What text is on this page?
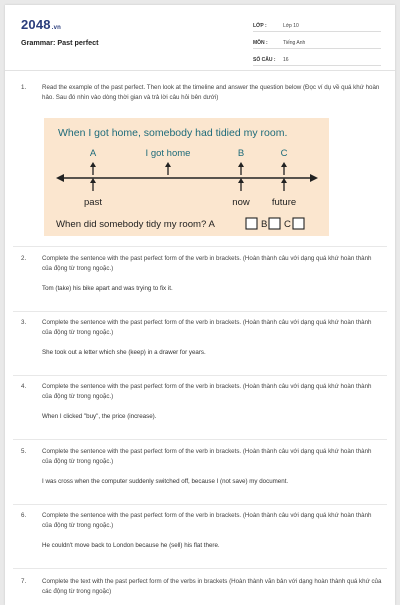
2048.vn
Grammar: Past perfect
LỚP :	Lớp 10
MÔN :	Tiếng Anh
SỐ CÂU :	16
1.	Read the example of the past perfect. Then look at the timeline and answer the question below (Đọc ví dụ về quá khứ hoàn hảo. Sau đó nhìn vào dòng thời gian và trả lời câu hỏi bên dưới)
When I got home, somebody had tidied my room.
A	I got home	B	C
past	now future
When did somebody tidy my room? A	B C
2.	Complete the sentence with the past perfect form of the verb in brackets. (Hoàn thành câu với dạng quá khứ hoàn thành của động từ trong ngoặc.)
Tom (take) his bike apart and was trying to fix it.
3.	Complete the sentence with the past perfect form of the verb in brackets. (Hoàn thành câu với dạng quá khứ hoàn thành của động từ trong ngoặc.)
She took out a letter which she (keep) in a drawer for years.
4.	Complete the sentence with the past perfect form of the verb in brackets. (Hoàn thành câu với dạng quá khứ hoàn thành của động từ trong ngoặc.)
When I clicked "buy", the price (increase).
5.	Complete the sentence with the past perfect form of the verb in brackets. (Hoàn thành câu với dạng quá khứ hoàn thành của động từ trong ngoặc.)
I was cross when the computer suddenly switched off, because I (not save) my document.
6.	Complete the sentence with the past perfect form of the verb in brackets. (Hoàn thành câu với dạng quá khứ hoàn thành của động từ trong ngoặc.)
He couldn't move back to London because he (sell) his flat there.
7.	Complete the text with the past perfect form of the verbs in brackets (Hoàn thành văn bản với dạng hoàn thành quá khứ của các động từ trong ngoặc)
